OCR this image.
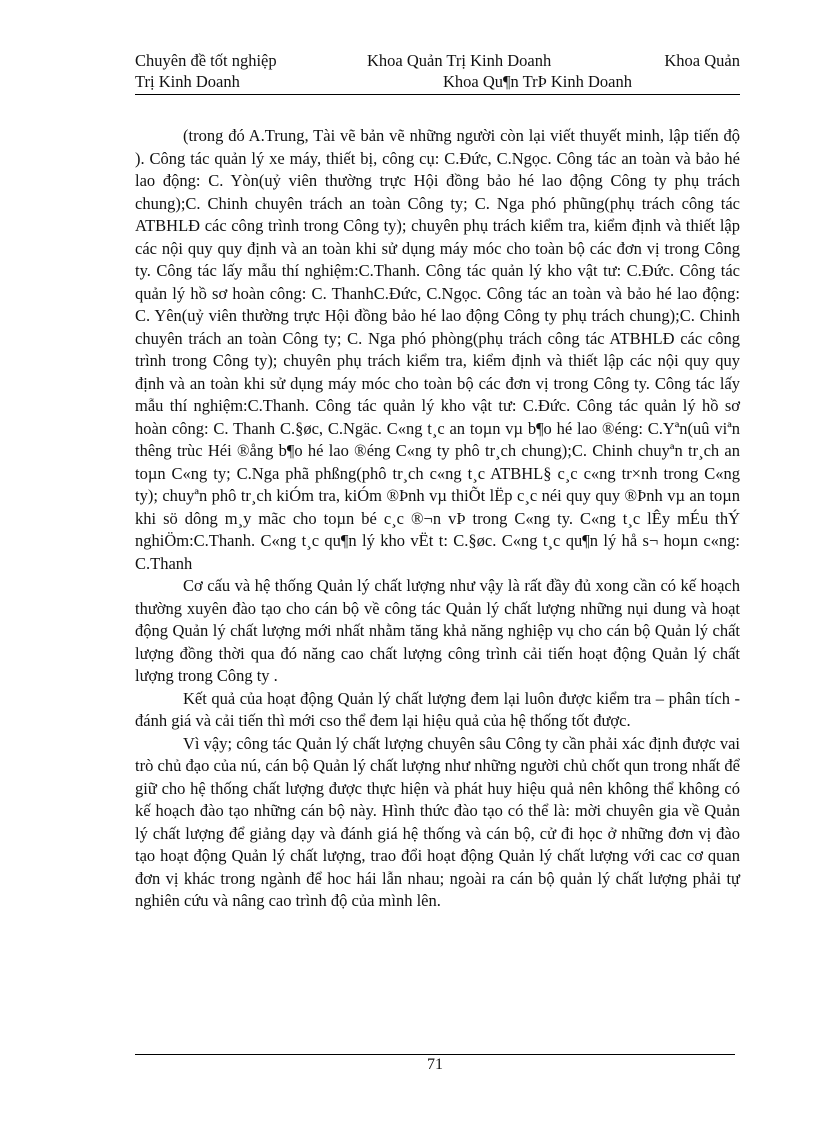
Chuyên đề tốt nghiệp	Khoa Quản Trị Kinh Doanh	Khoa Quản
Trị Kinh Doanh	Khoa Qu¶n TrÞ Kinh Doanh

(trong đó A.Trung, Tài vẽ bản vẽ những người còn lại viết thuyết minh, lập tiến độ ). Công tác quản lý xe máy, thiết bị, công cụ: C.Đức, C.Ngọc. Công tác an toàn và bảo hé lao động: C. Yòn(uỷ viên thường trực Hội đồng bảo hé lao động Công ty phụ trách chung);C. Chinh chuyên trách an toàn Công ty; C. Nga phó phũng(phụ trách công tác ATBHLĐ các công trình trong Công ty); chuyên phụ trách kiểm tra, kiểm định và thiết lập các nội quy quy định và an toàn khi sử dụng máy móc cho toàn bộ các đơn vị trong Công ty. Công tác lấy mẫu thí nghiệm:C.Thanh. Công tác quản lý kho vật tư: C.Đức. Công tác quản lý hồ sơ hoàn công: C. ThanhC.Đức, C.Ngọc. Công tác an toàn và bảo hé lao động: C. Yên(uỷ viên thường trực Hội đồng bảo hé lao động Công ty phụ trách chung);C. Chinh chuyên trách an toàn Công ty; C. Nga phó phòng(phụ trách công tác ATBHLĐ các công trình trong Công ty); chuyên phụ trách kiểm tra, kiểm định và thiết lập các nội quy quy định và an toàn khi sử dụng máy móc cho toàn bộ các đơn vị trong Công ty. Công tác lấy mẫu thí nghiệm:C.Thanh. Công tác quản lý kho vật tư: C.Đức. Công tác quản lý hồ sơ hoàn công: C. Thanh C.§øc, C.Ngäc. C«ng t¸c an toµn vµ b¶o hé lao ®éng: C.Yªn(uû viªn thêng trùc Héi ®ång b¶o hé lao ®éng C«ng ty phô tr¸ch chung);C. Chinh chuyªn tr¸ch an toµn C«ng ty; C.Nga phã phßng(phô tr¸ch c«ng t¸c ATBHL§ c¸c c«ng tr×nh trong C«ng ty); chuyªn phô tr¸ch kiÓm tra, kiÓm ®Þnh vµ thiÕt lËp c¸c néi quy quy ®Þnh vµ an toµn khi sö dông m¸y mãc cho toµn bé c¸c ®¬n vÞ trong C«ng ty. C«ng t¸c lÊy mÉu thÝ nghiÖm:C.Thanh. C«ng t¸c qu¶n lý kho vËt t: C.§øc. C«ng t¸c qu¶n lý hå s¬ hoµn c«ng: C.Thanh

Cơ cấu và hệ thống Quản lý chất lượng như vậy là rất đầy đủ xong cần có kế hoạch thường xuyên đào tạo cho cán bộ về công tác Quản lý chất lượng những nụi dung và hoạt động Quản lý chất lượng mới nhất nhằm tăng khả năng nghiệp vụ cho cán bộ Quản lý chất lượng đồng thời qua đó năng cao chất lượng công trình cải tiến hoạt động Quản lý chất lượng trong Công ty .

Kết quả của hoạt động Quản lý chất lượng đem lại luôn được kiểm tra – phân tích - đánh giá và cải tiến thì mới cso thể đem lại hiệu quả của hệ thống tốt được.

Vì vậy; công tác Quản lý chất lượng chuyên sâu Công ty cần phải xác định được vai trò chủ đạo của nú, cán bộ Quản lý chất lượng như những người chủ chốt qun trong nhất để giữ cho hệ thống chất lượng được thực hiện và phát huy hiệu quả nên không thể không có kế hoạch đào tạo những cán bộ này. Hình thức đào tạo có thể là: mời chuyên gia về Quản lý chất lượng để giảng dạy và đánh giá hệ thống và cán bộ, cử đi học ở những đơn vị đào tạo hoạt động Quản lý chất lượng, trao đổi hoạt động Quản lý chất lượng với cac cơ quan đơn vị khác trong ngành để hoc hái lẫn nhau; ngoài ra cán bộ quản lý chất lượng phải tự nghiên cứu và nâng cao trình độ của mình lên.

71
